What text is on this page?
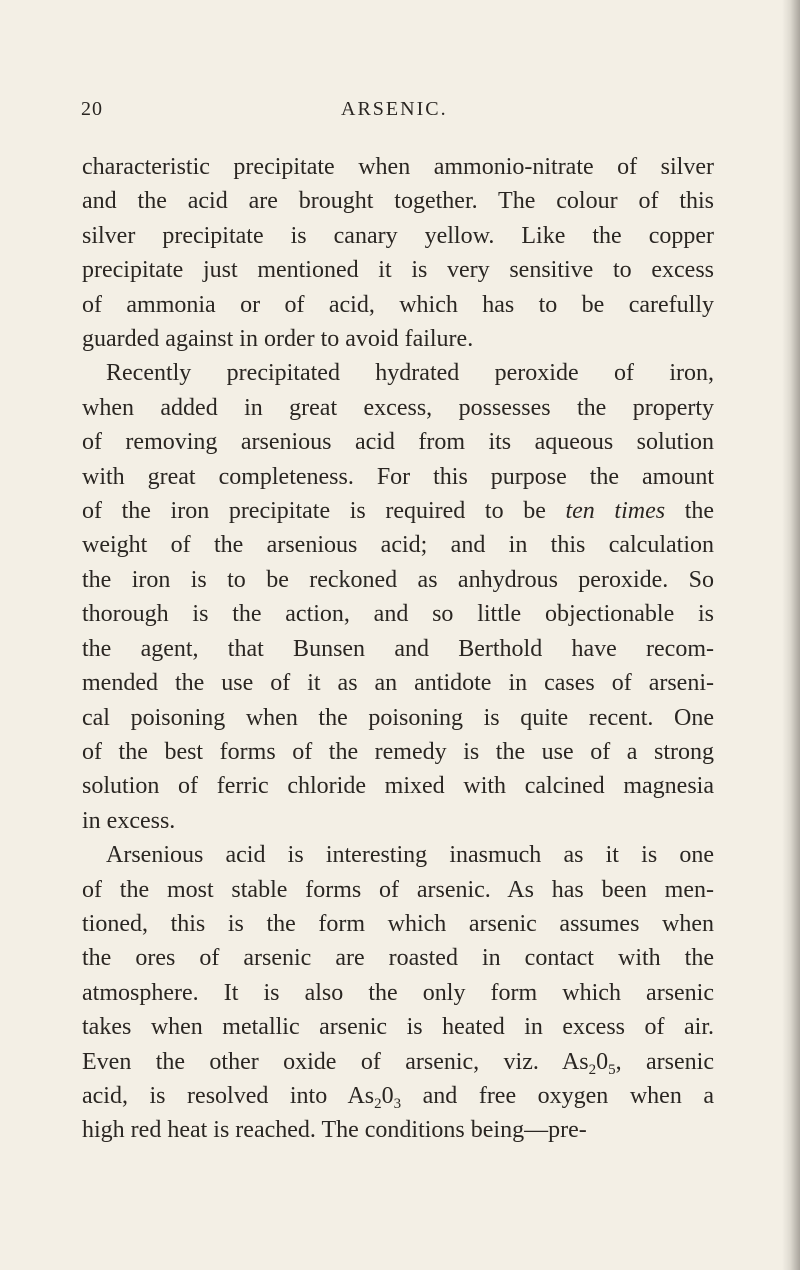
20	ARSENIC.
characteristic precipitate when ammonio-nitrate of silver
and the acid are brought together. The colour of this
silver precipitate is canary yellow. Like the copper
precipitate just mentioned it is very sensitive to excess
of ammonia or of acid, which has to be carefully
guarded against in order to avoid failure.
Recently precipitated hydrated peroxide of iron,
when added in great excess, possesses the property
of removing arsenious acid from its aqueous solution
with great completeness. For this purpose the amount
of the iron precipitate is required to be ten times the
weight of the arsenious acid; and in this calculation
the iron is to be reckoned as anhydrous peroxide. So
thorough is the action, and so little objectionable is
the agent, that Bunsen and Berthold have recom-
mended the use of it as an antidote in cases of arseni-
cal poisoning when the poisoning is quite recent. One
of the best forms of the remedy is the use of a strong
solution of ferric chloride mixed with calcined magnesia
in excess.
Arsenious acid is interesting inasmuch as it is one
of the most stable forms of arsenic. As has been men-
tioned, this is the form which arsenic assumes when
the ores of arsenic are roasted in contact with the
atmosphere. It is also the only form which arsenic
takes when metallic arsenic is heated in excess of air.
Even the other oxide of arsenic, viz. $As_20_5$, arsenic
acid, is resolved into $As_20_3$ and free oxygen when a
high red heat is reached. The conditions being—pre-
